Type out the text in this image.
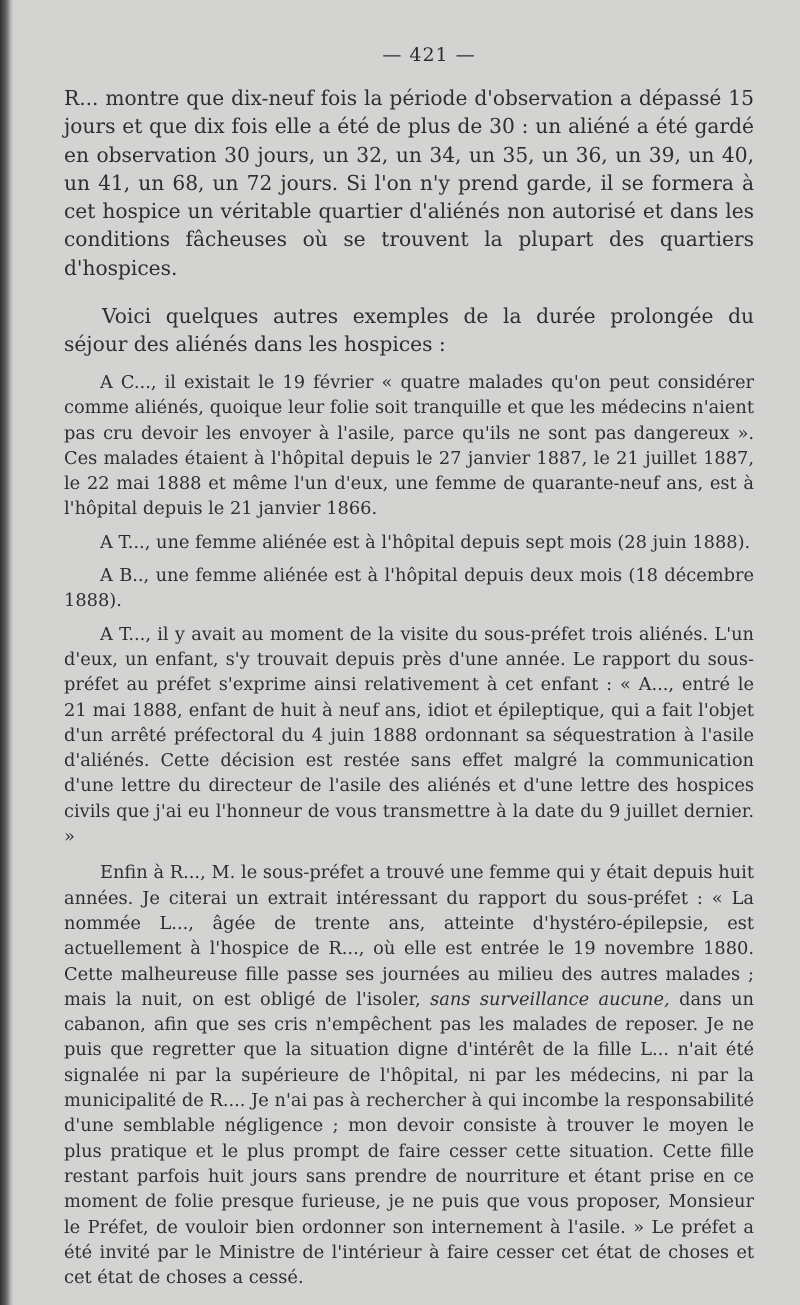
— 421 —

R... montre que dix-neuf fois la période d'observation a dépassé 15 jours et que dix fois elle a été de plus de 30 : un aliéné a été gardé en observation 30 jours, un 32, un 34, un 35, un 36, un 39, un 40, un 41, un 68, un 72 jours. Si l'on n'y prend garde, il se formera à cet hospice un véritable quartier d'aliénés non autorisé et dans les conditions fâcheuses où se trouvent la plupart des quartiers d'hospices.

Voici quelques autres exemples de la durée prolongée du séjour des aliénés dans les hospices :

A C..., il existait le 19 février « quatre malades qu'on peut considérer comme aliénés, quoique leur folie soit tranquille et que les médecins n'aient pas cru devoir les envoyer à l'asile, parce qu'ils ne sont pas dangereux ». Ces malades étaient à l'hôpital depuis le 27 janvier 1887, le 21 juillet 1887, le 22 mai 1888 et même l'un d'eux, une femme de quarante-neuf ans, est à l'hôpital depuis le 21 janvier 1866.

A T..., une femme aliénée est à l'hôpital depuis sept mois (28 juin 1888).

A B.., une femme aliénée est à l'hôpital depuis deux mois (18 décembre 1888).

A T..., il y avait au moment de la visite du sous-préfet trois aliénés. L'un d'eux, un enfant, s'y trouvait depuis près d'une année. Le rapport du sous-préfet au préfet s'exprime ainsi relativement à cet enfant : « A..., entré le 21 mai 1888, enfant de huit à neuf ans, idiot et épileptique, qui a fait l'objet d'un arrêté préfectoral du 4 juin 1888 ordonnant sa séquestration à l'asile d'aliénés. Cette décision est restée sans effet malgré la communication d'une lettre du directeur de l'asile des aliénés et d'une lettre des hospices civils que j'ai eu l'honneur de vous transmettre à la date du 9 juillet dernier. »

Enfin à R..., M. le sous-préfet a trouvé une femme qui y était depuis huit années. Je citerai un extrait intéressant du rapport du sous-préfet : « La nommée L..., âgée de trente ans, atteinte d'hystéro-épilepsie, est actuellement à l'hospice de R..., où elle est entrée le 19 novembre 1880. Cette malheureuse fille passe ses journées au milieu des autres malades ; mais la nuit, on est obligé de l'isoler, sans surveillance aucune, dans un cabanon, afin que ses cris n'empêchent pas les malades de reposer. Je ne puis que regretter que la situation digne d'intérêt de la fille L... n'ait été signalée ni par la supérieure de l'hôpital, ni par les médecins, ni par la municipalité de R.... Je n'ai pas à rechercher à qui incombe la responsabilité d'une semblable négligence ; mon devoir consiste à trouver le moyen le plus pratique et le plus prompt de faire cesser cette situation. Cette fille restant parfois huit jours sans prendre de nourriture et étant prise en ce moment de folie presque furieuse, je ne puis que vous proposer, Monsieur le Préfet, de vouloir bien ordonner son internement à l'asile. » Le préfet a été invité par le Ministre de l'intérieur à faire cesser cet état de choses et cet état de choses a cessé.
